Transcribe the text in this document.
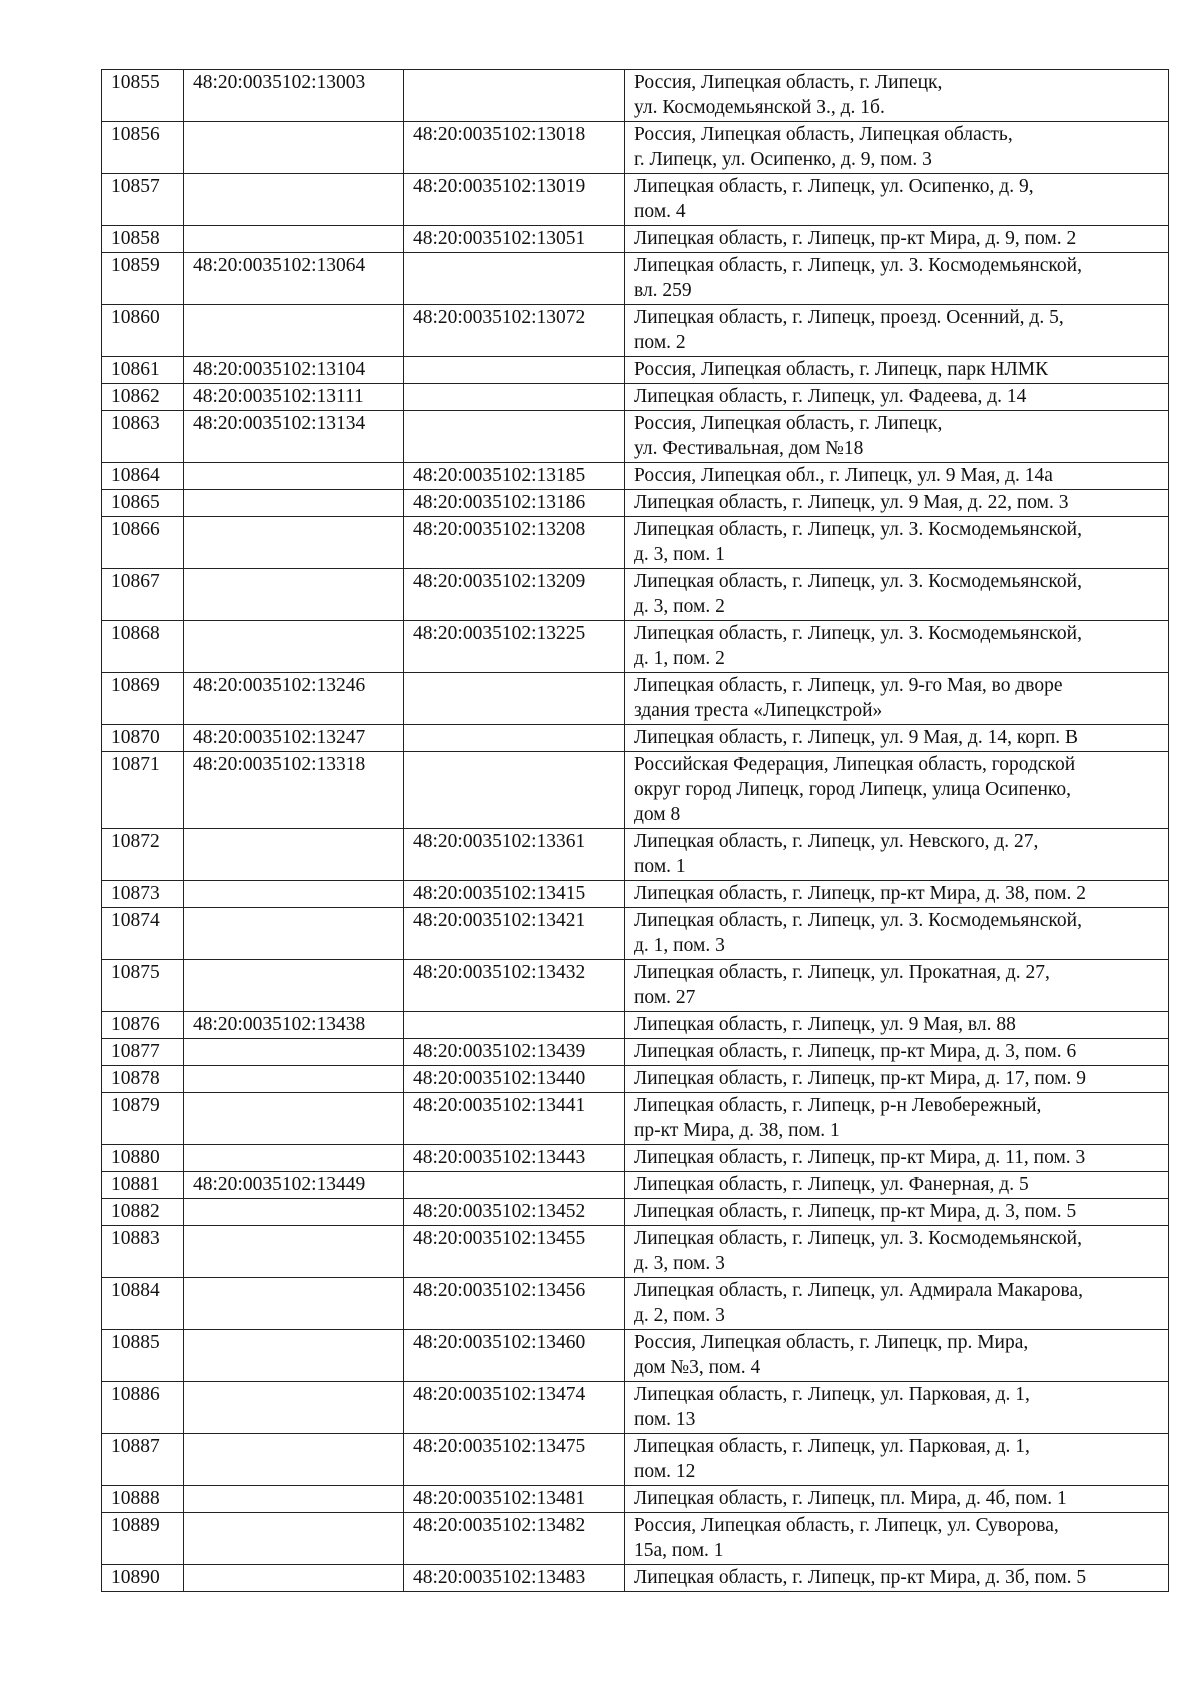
10855	48:20:0035102:13003		Россия, Липецкая область, г. Липецк,
ул. Космодемьянской З., д. 1б.
10856		48:20:0035102:13018	Россия, Липецкая область, Липецкая область,
г. Липецк, ул. Осипенко, д. 9, пом. 3
10857		48:20:0035102:13019	Липецкая область, г. Липецк, ул. Осипенко, д. 9,
пом. 4
10858		48:20:0035102:13051	Липецкая область, г. Липецк, пр-кт Мира, д. 9, пом. 2
10859	48:20:0035102:13064		Липецкая область, г. Липецк, ул. З. Космодемьянской,
вл. 259
10860		48:20:0035102:13072	Липецкая область, г. Липецк, проезд. Осенний, д. 5,
пом. 2
10861	48:20:0035102:13104		Россия, Липецкая область, г. Липецк, парк НЛМК
10862	48:20:0035102:13111		Липецкая область, г. Липецк, ул. Фадеева, д. 14
10863	48:20:0035102:13134		Россия, Липецкая область, г. Липецк,
ул. Фестивальная, дом №18
10864		48:20:0035102:13185	Россия, Липецкая обл., г. Липецк, ул. 9 Мая, д. 14а
10865		48:20:0035102:13186	Липецкая область, г. Липецк, ул. 9 Мая, д. 22, пом. 3
10866		48:20:0035102:13208	Липецкая область, г. Липецк, ул. З. Космодемьянской,
д. 3, пом. 1
10867		48:20:0035102:13209	Липецкая область, г. Липецк, ул. З. Космодемьянской,
д. 3, пом. 2
10868		48:20:0035102:13225	Липецкая область, г. Липецк, ул. З. Космодемьянской,
д. 1, пом. 2
10869	48:20:0035102:13246		Липецкая область, г. Липецк, ул. 9-го Мая, во дворе
здания треста «Липецкстрой»
10870	48:20:0035102:13247		Липецкая область, г. Липецк, ул. 9 Мая, д. 14, корп. В
10871	48:20:0035102:13318		Российская Федерация, Липецкая область, городской
округ город Липецк, город Липецк, улица Осипенко,
дом 8
10872		48:20:0035102:13361	Липецкая область, г. Липецк, ул. Невского, д. 27,
пом. 1
10873		48:20:0035102:13415	Липецкая область, г. Липецк, пр-кт Мира, д. 38, пом. 2
10874		48:20:0035102:13421	Липецкая область, г. Липецк, ул. З. Космодемьянской,
д. 1, пом. 3
10875		48:20:0035102:13432	Липецкая область, г. Липецк, ул. Прокатная, д. 27,
пом. 27
10876	48:20:0035102:13438		Липецкая область, г. Липецк, ул. 9 Мая, вл. 88
10877		48:20:0035102:13439	Липецкая область, г. Липецк, пр-кт Мира, д. 3, пом. 6
10878		48:20:0035102:13440	Липецкая область, г. Липецк, пр-кт Мира, д. 17, пом. 9
10879		48:20:0035102:13441	Липецкая область, г. Липецк, р-н Левобережный,
пр-кт Мира, д. 38, пом. 1
10880		48:20:0035102:13443	Липецкая область, г. Липецк, пр-кт Мира, д. 11, пом. 3
10881	48:20:0035102:13449		Липецкая область, г. Липецк, ул. Фанерная, д. 5
10882		48:20:0035102:13452	Липецкая область, г. Липецк, пр-кт Мира, д. 3, пом. 5
10883		48:20:0035102:13455	Липецкая область, г. Липецк, ул. З. Космодемьянской,
д. 3, пом. 3
10884		48:20:0035102:13456	Липецкая область, г. Липецк, ул. Адмирала Макарова,
д. 2, пом. 3
10885		48:20:0035102:13460	Россия, Липецкая область, г. Липецк, пр. Мира,
дом №3, пом. 4
10886		48:20:0035102:13474	Липецкая область, г. Липецк, ул. Парковая, д. 1,
пом. 13
10887		48:20:0035102:13475	Липецкая область, г. Липецк, ул. Парковая, д. 1,
пом. 12
10888		48:20:0035102:13481	Липецкая область, г. Липецк, пл. Мира, д. 4б, пом. 1
10889		48:20:0035102:13482	Россия, Липецкая область, г. Липецк, ул. Суворова,
15а, пом. 1
10890		48:20:0035102:13483	Липецкая область, г. Липецк, пр-кт Мира, д. 3б, пом. 5
